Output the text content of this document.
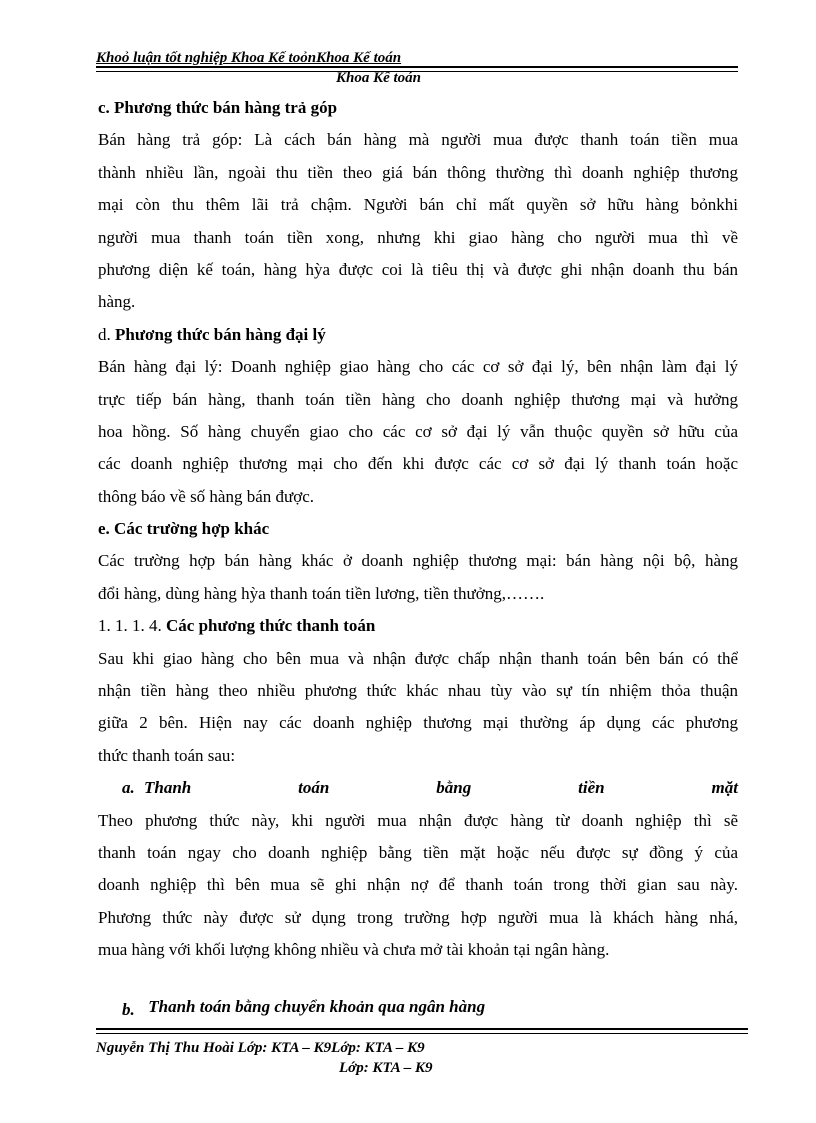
Khoỏ luận tốt nghiệp Khoa Kế toỏnKhoa Kế toán
Khoa Kế toán
c. Phương thức bán hàng trả góp
Bán hàng trả góp: Là cách bán hàng mà người mua được thanh toán tiền mua
thành nhiều lần, ngoài thu tiền theo giá bán thông thường thì doanh nghiệp thương
mại còn thu thêm lãi trả chậm. Người bán chỉ mất quyền sở hữu hàng bỏnkhi
người mua thanh toán tiền xong, nhưng khi giao hàng cho người mua thì về
phương diện kế toán, hàng hỳa được coi là tiêu thị và được ghi nhận doanh thu bán
hàng.
d. Phương thức bán hàng đại lý
Bán hàng đại lý: Doanh nghiệp giao hàng cho các cơ sở đại lý, bên nhận làm đại lý
trực tiếp bán hàng, thanh toán tiền hàng cho doanh nghiệp thương mại và hưởng
hoa hồng. Số hàng chuyển giao cho các cơ sở đại lý vẫn thuộc quyền sở hữu của
các doanh nghiệp thương mại cho đến khi được các cơ sở đại lý thanh toán hoặc
thông báo về số hàng bán được.
e. Các trường hợp khác
Các trường hợp bán hàng khác ở doanh nghiệp thương mại: bán hàng nội bộ, hàng
đổi hàng, dùng hàng hỳa thanh toán tiền lương, tiền thưởng,…….
1. 1. 1. 4. Các phương thức thanh toán
Sau khi giao hàng cho bên mua và nhận được chấp nhận thanh toán bên bán có thể
nhận tiền hàng theo nhiều phương thức khác nhau tùy vào sự tín nhiệm thỏa thuận
giữa 2 bên. Hiện nay các doanh nghiệp thương mại thường áp dụng các phương
thức thanh toán sau:
a. Thanh	toán	bằng	tiền	mặt
Theo phương thức này, khi người mua nhận được hàng từ doanh nghiệp thì sẽ
thanh toán ngay cho doanh nghiệp bằng tiền mặt hoặc nếu được sự đồng ý của
doanh nghiệp thì bên mua sẽ ghi nhận nợ để thanh toán trong thời gian sau này.
Phương thức này được sử dụng trong trường hợp người mua là khách hàng nhá,
mua hàng với khối lượng không nhiều và chưa mở tài khoản tại ngân hàng.
b. Thanh toán bằng chuyển khoản qua ngân hàng
Nguyễn Thị Thu Hoài Lớp: KTA – K9Lớp: KTA – K9
Lớp: KTA – K9
